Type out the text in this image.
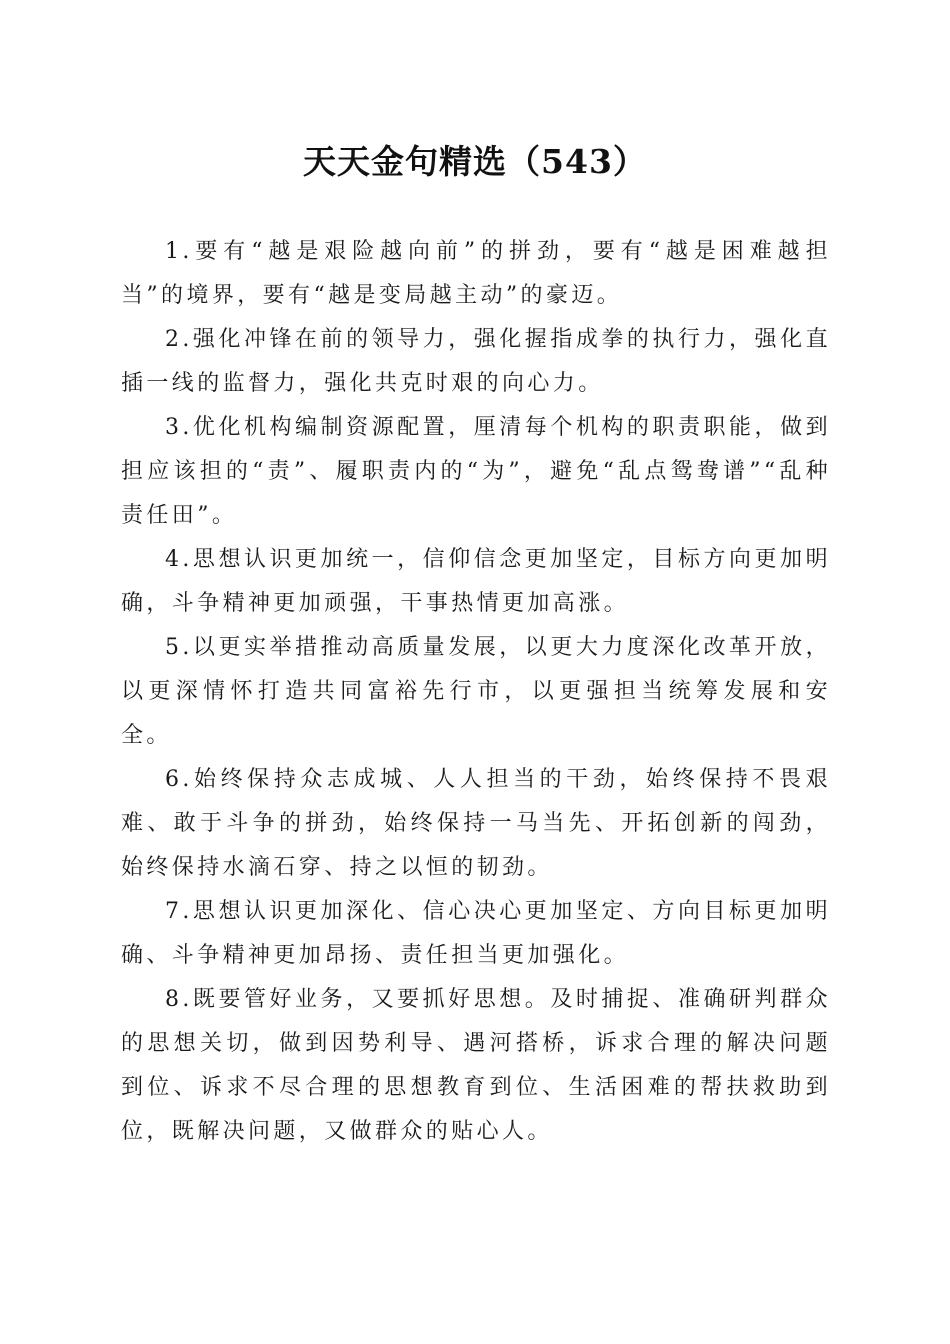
天天金句精选（543）

1.要有“越是艰险越向前”的拼劲，要有“越是困难越担当”的境界，要有“越是变局越主动”的豪迈。

2.强化冲锋在前的领导力，强化握指成拳的执行力，强化直插一线的监督力，强化共克时艰的向心力。

3.优化机构编制资源配置，厘清每个机构的职责职能，做到担应该担的“责”、履职责内的“为”，避免“乱点鸳鸯谱”“乱种责任田”。

4.思想认识更加统一，信仰信念更加坚定，目标方向更加明确，斗争精神更加顽强，干事热情更加高涨。

5.以更实举措推动高质量发展，以更大力度深化改革开放，以更深情怀打造共同富裕先行市，以更强担当统筹发展和安全。

6.始终保持众志成城、人人担当的干劲，始终保持不畏艰难、敢于斗争的拼劲，始终保持一马当先、开拓创新的闯劲，始终保持水滴石穿、持之以恒的韧劲。

7.思想认识更加深化、信心决心更加坚定、方向目标更加明确、斗争精神更加昂扬、责任担当更加强化。

8.既要管好业务，又要抓好思想。及时捕捉、准确研判群众的思想关切，做到因势利导、遇河搭桥，诉求合理的解决问题到位、诉求不尽合理的思想教育到位、生活困难的帮扶救助到位，既解决问题，又做群众的贴心人。
